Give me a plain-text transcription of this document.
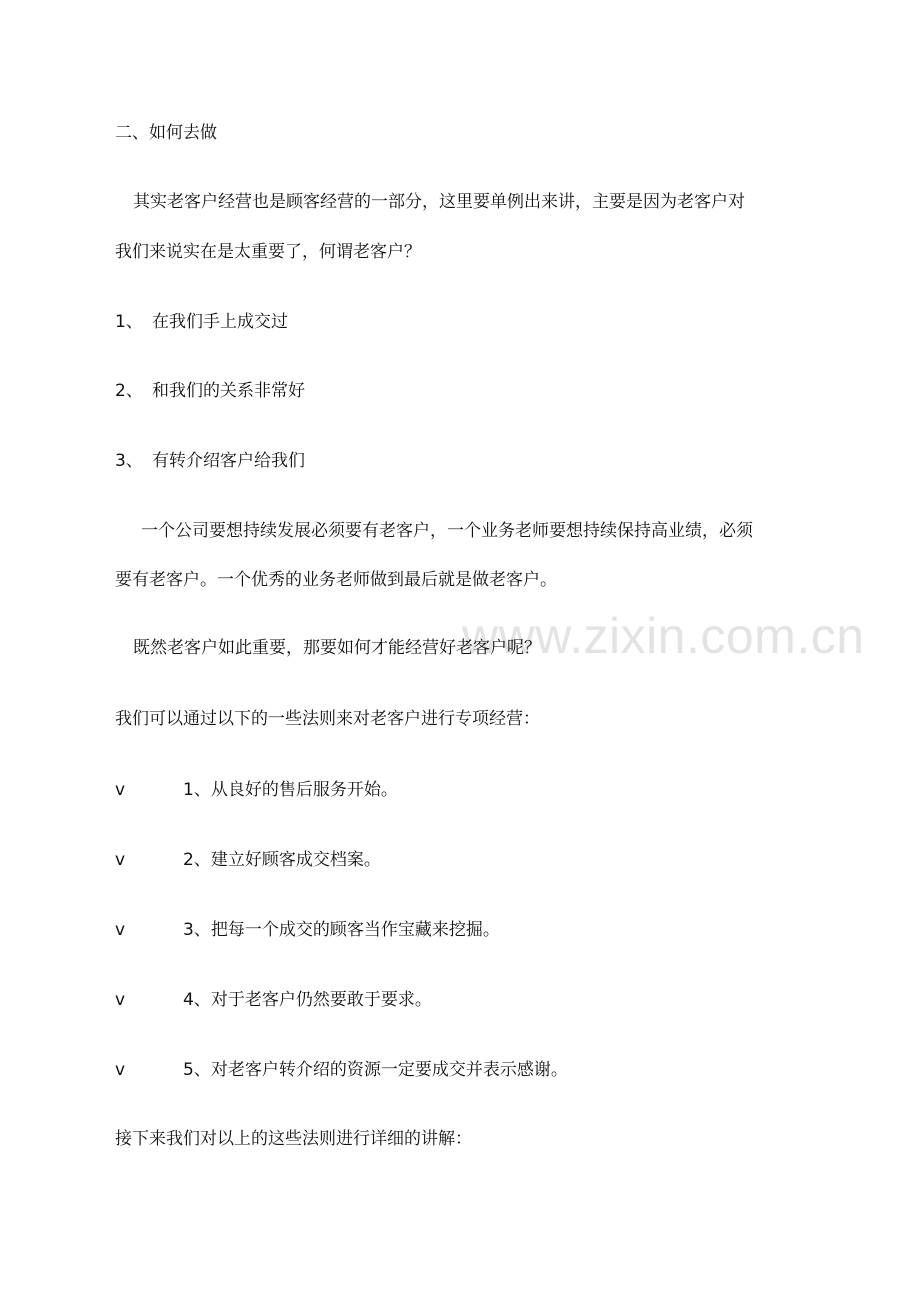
二、如何去做
其实老客户经营也是顾客经营的一部分，这里要单例出来讲，主要是因为老客户对
我们来说实在是太重要了，何谓老客户？
1、 在我们手上成交过
2、 和我们的关系非常好
3、 有转介绍客户给我们
一个公司要想持续发展必须要有老客户，一个业务老师要想持续保持高业绩，必须
要有老客户。一个优秀的业务老师做到最后就是做老客户。
www.zixin.com.cn
既然老客户如此重要，那要如何才能经营好老客户呢？
我们可以通过以下的一些法则来对老客户进行专项经营：
v	1、从良好的售后服务开始。
v	2、建立好顾客成交档案。
v	3、把每一个成交的顾客当作宝藏来挖掘。
v	4、对于老客户仍然要敢于要求。
v	5、对老客户转介绍的资源一定要成交并表示感谢。
接下来我们对以上的这些法则进行详细的讲解：
